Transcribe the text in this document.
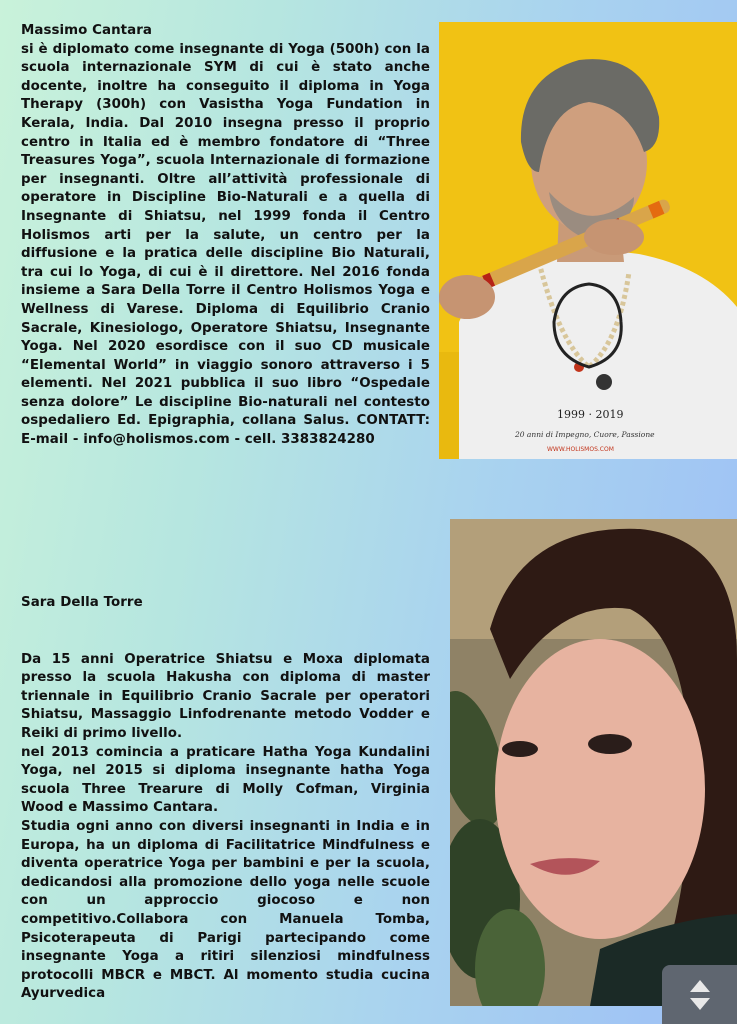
Massimo Cantara

si è diplomato come insegnante di Yoga (500h) con la scuola internazionale SYM di cui è stato anche docente, inoltre ha conseguito il diploma in Yoga Therapy (300h) con Vasistha Yoga Fundation in Kerala, India. Dal 2010 insegna presso il proprio centro in Italia ed è membro fondatore di “Three Treasures Yoga”, scuola Internazionale di formazione per insegnanti. Oltre all’attività professionale di operatore in Discipline Bio-Naturali e a quella di Insegnante di Shiatsu, nel 1999 fonda il Centro Holismos arti per la salute, un centro per la diffusione e la pratica delle discipline Bio Naturali, tra cui lo Yoga, di cui è il direttore. Nel 2016 fonda insieme a Sara Della Torre il Centro Holismos Yoga e Wellness di Varese. Diploma di Equilibrio Cranio Sacrale, Kinesiologo, Operatore Shiatsu, Insegnante Yoga. Nel 2020 esordisce con il suo CD musicale “Elemental World” in viaggio sonoro attraverso i 5 elementi. Nel 2021 pubblica il suo libro “Ospedale senza dolore” Le discipline Bio-naturali nel contesto ospedaliero Ed. Epigraphia, collana Salus. CONTATT: E-mail - info@holismos.com - cell. 3383824280

1999 · 2019
20 anni di Impegno, Cuore, Passione
WWW.HOLISMOS.COM

Sara Della Torre

Da 15 anni Operatrice Shiatsu e Moxa diplomata presso la scuola Hakusha con diploma di master triennale in Equilibrio Cranio Sacrale per operatori Shiatsu, Massaggio Linfodrenante metodo Vodder e Reiki di primo livello.

nel 2013 comincia a praticare Hatha Yoga Kundalini Yoga, nel 2015 si diploma insegnante hatha Yoga scuola Three Trearure di Molly Cofman, Virginia Wood e Massimo Cantara.

Studia ogni anno con diversi insegnanti in India e in Europa, ha un diploma di Facilitatrice Mindfulness e diventa operatrice Yoga per bambini e per la scuola, dedicandosi alla promozione dello yoga nelle scuole con un approccio giocoso e non competitivo.Collabora con Manuela Tomba, Psicoterapeuta di Parigi partecipando come insegnante Yoga a ritiri silenziosi mindfulness protocolli MBCR e MBCT. Al momento studia cucina Ayurvedica
